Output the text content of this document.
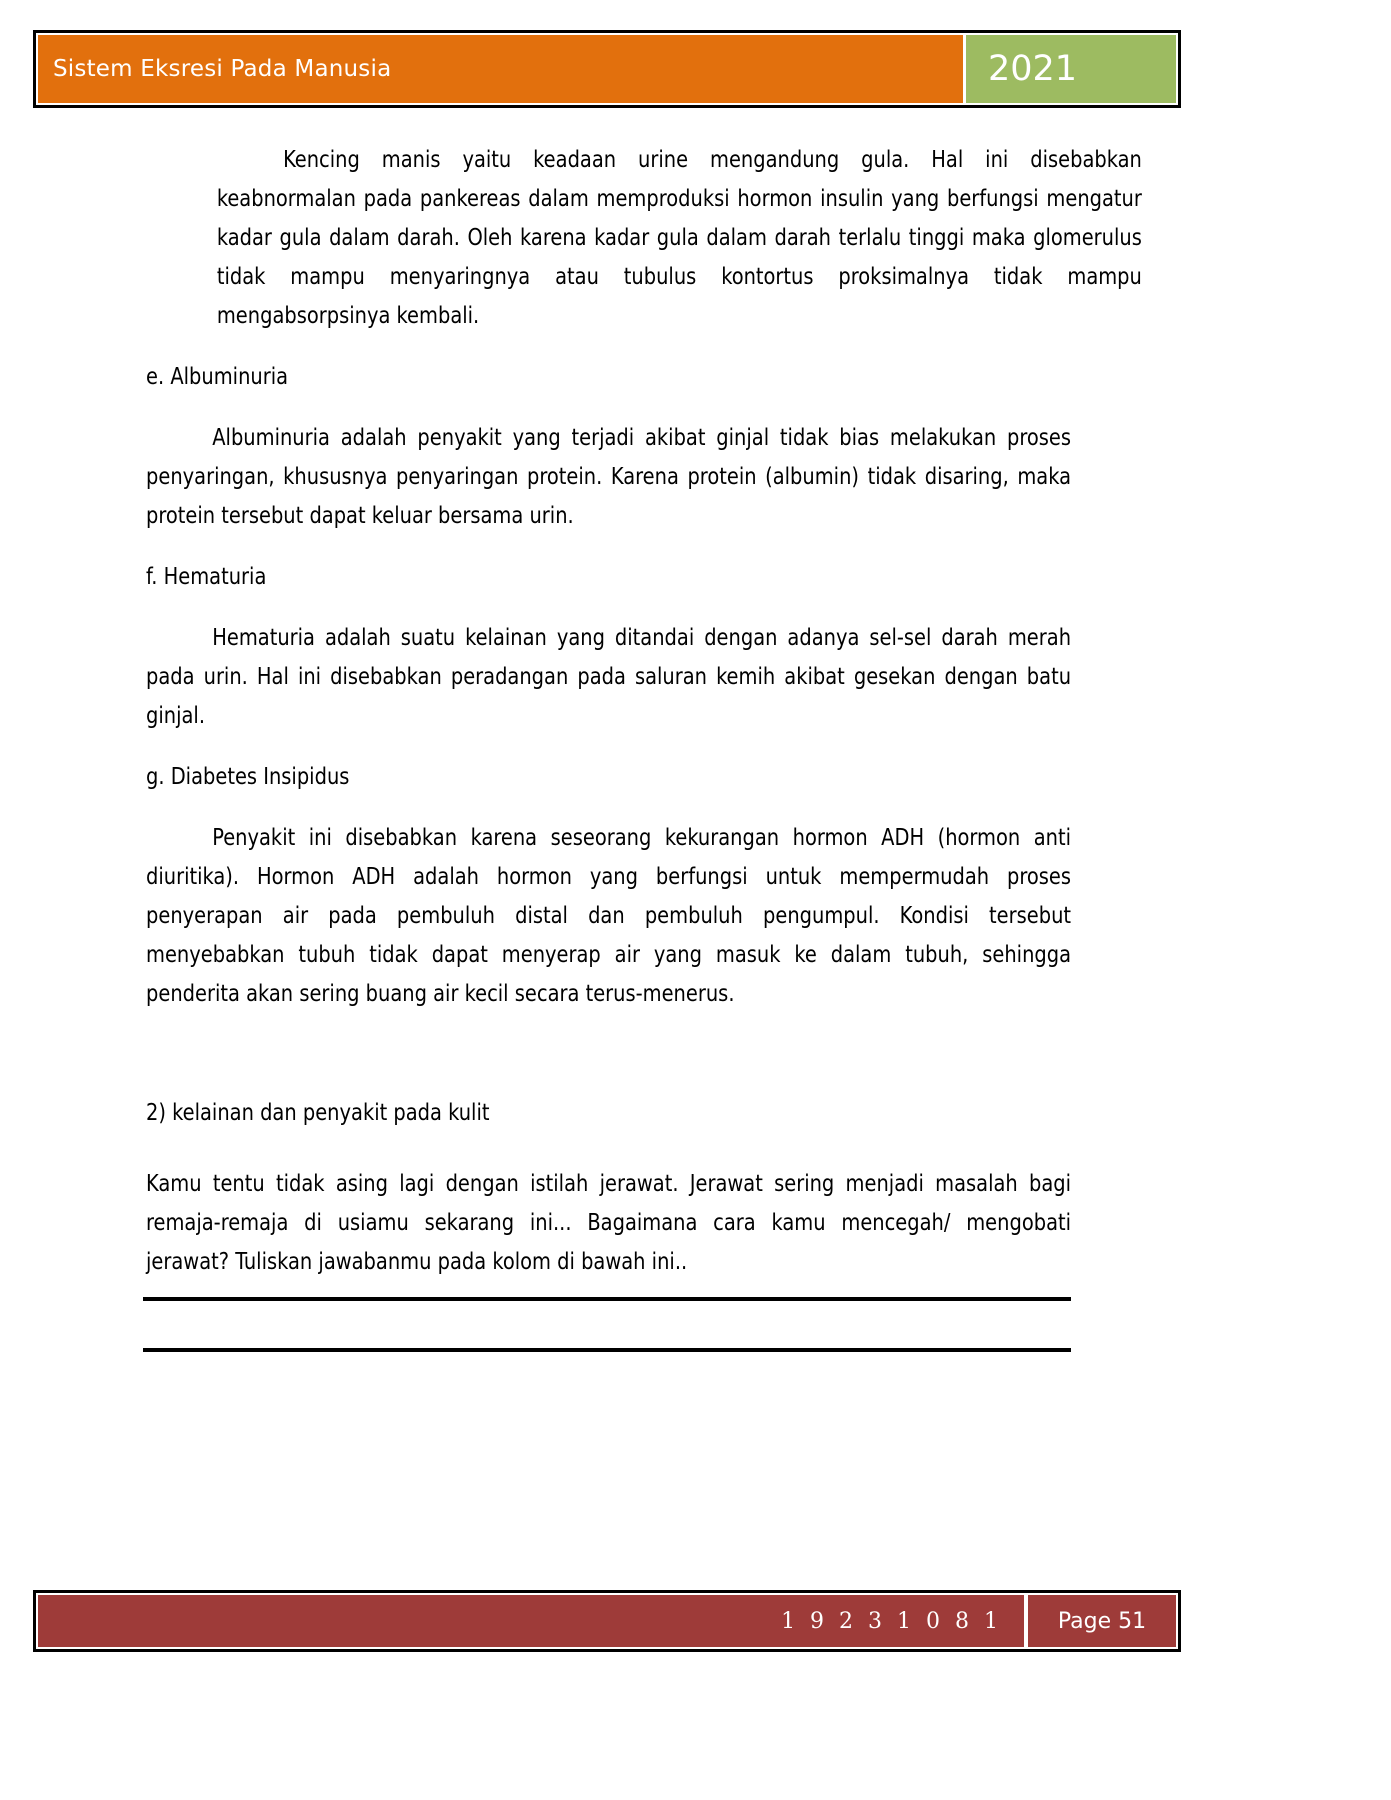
Sistem Eksresi Pada Manusia	2021

Kencing manis yaitu keadaan urine mengandung gula. Hal ini disebabkan keabnormalan pada pankereas dalam memproduksi hormon insulin yang berfungsi mengatur kadar gula dalam darah. Oleh karena kadar gula dalam darah terlalu tinggi maka glomerulus tidak mampu menyaringnya atau tubulus kontortus proksimalnya tidak mampu mengabsorpsinya kembali.

e. Albuminuria

Albuminuria adalah penyakit yang terjadi akibat ginjal tidak bias melakukan proses penyaringan, khususnya penyaringan protein. Karena protein (albumin) tidak disaring, maka protein tersebut dapat keluar bersama urin.

f. Hematuria

Hematuria adalah suatu kelainan yang ditandai dengan adanya sel-sel darah merah pada urin. Hal ini disebabkan peradangan pada saluran kemih akibat gesekan dengan batu ginjal.

g. Diabetes Insipidus

Penyakit ini disebabkan karena seseorang kekurangan hormon ADH (hormon anti diuritika). Hormon ADH adalah hormon yang berfungsi untuk mempermudah proses penyerapan air pada pembuluh distal dan pembuluh pengumpul. Kondisi tersebut menyebabkan tubuh tidak dapat menyerap air yang masuk ke dalam tubuh, sehingga penderita akan sering buang air kecil secara terus-menerus.

2) kelainan dan penyakit pada kulit

Kamu tentu tidak asing lagi dengan istilah jerawat. Jerawat sering menjadi masalah bagi remaja-remaja di usiamu sekarang ini... Bagaimana cara kamu mencegah/ mengobati jerawat? Tuliskan jawabanmu pada kolom di bawah ini..

1 9 2 3 1 0 8 1	Page 51
